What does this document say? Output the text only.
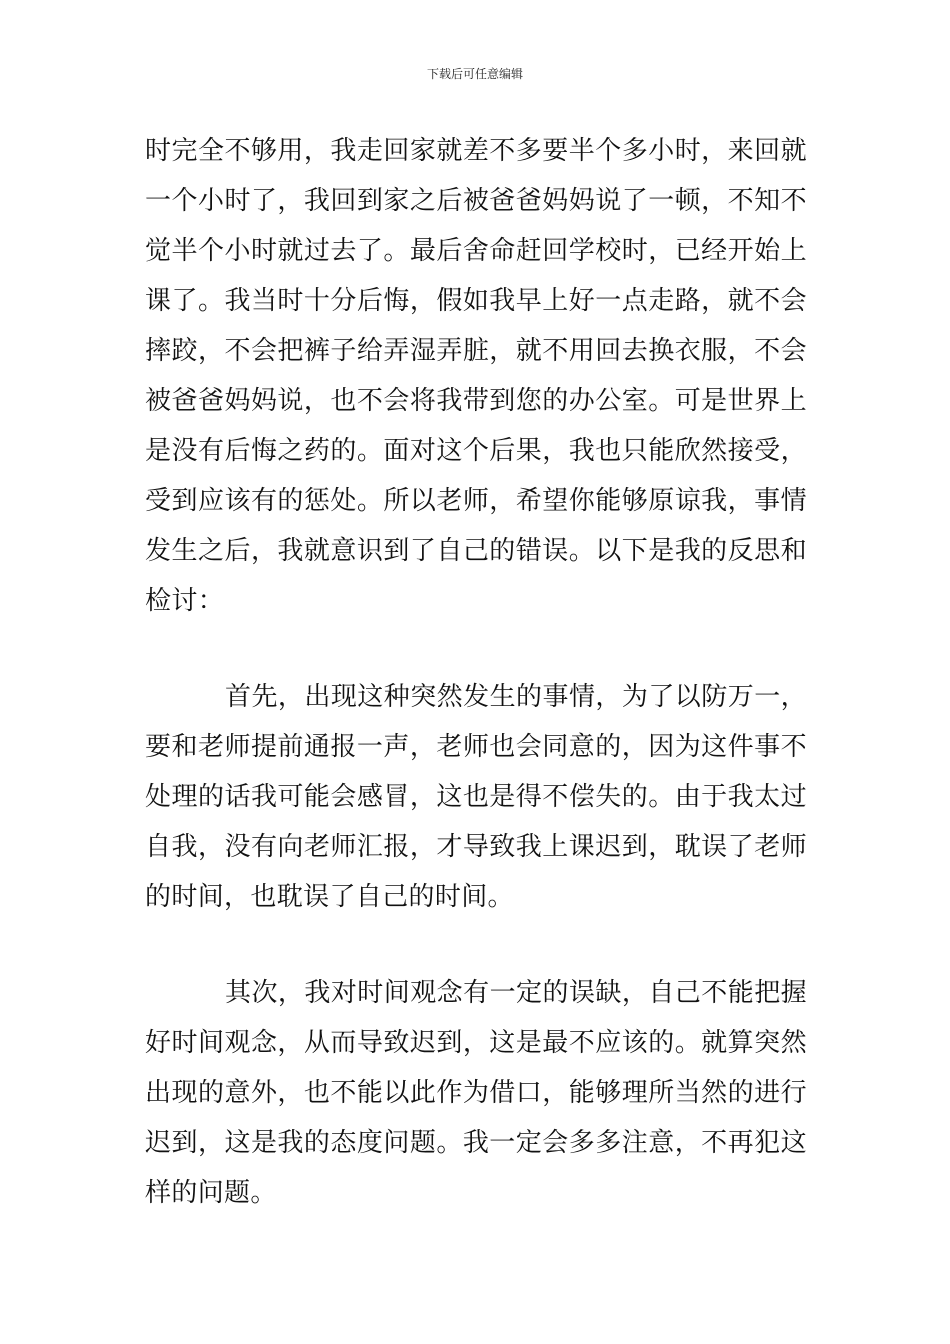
下载后可任意编辑

时完全不够用，我走回家就差不多要半个多小时，来回就一个小时了，我回到家之后被爸爸妈妈说了一顿，不知不觉半个小时就过去了。最后舍命赶回学校时，已经开始上课了。我当时十分后悔，假如我早上好一点走路，就不会摔跤，不会把裤子给弄湿弄脏，就不用回去换衣服，不会被爸爸妈妈说，也不会将我带到您的办公室。可是世界上是没有后悔之药的。面对这个后果，我也只能欣然接受，受到应该有的惩处。所以老师，希望你能够原谅我，事情发生之后，我就意识到了自己的错误。以下是我的反思和检讨：

首先，出现这种突然发生的事情，为了以防万一，要和老师提前通报一声，老师也会同意的，因为这件事不处理的话我可能会感冒，这也是得不偿失的。由于我太过自我，没有向老师汇报，才导致我上课迟到，耽误了老师的时间，也耽误了自己的时间。

其次，我对时间观念有一定的误缺，自己不能把握好时间观念，从而导致迟到，这是最不应该的。就算突然出现的意外，也不能以此作为借口，能够理所当然的进行迟到，这是我的态度问题。我一定会多多注意，不再犯这样的问题。
